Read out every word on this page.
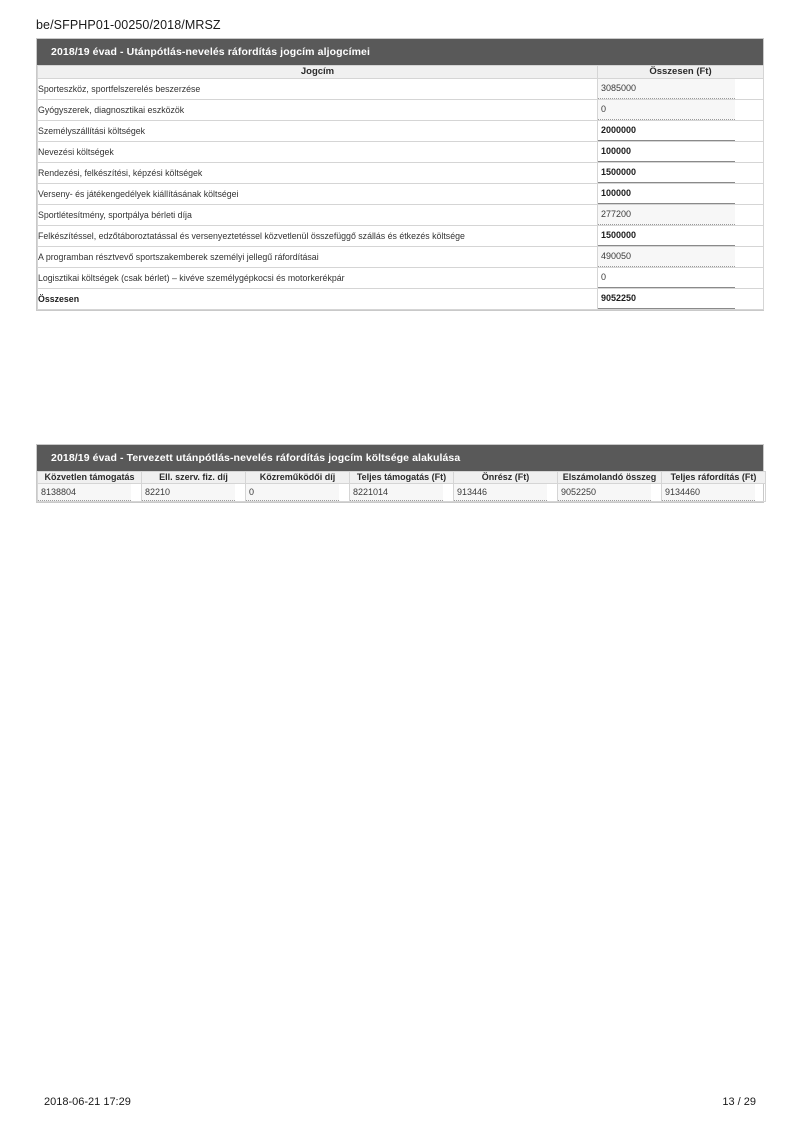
be/SFPHP01-00250/2018/MRSZ
2018/19 évad - Utánpótlás-nevelés ráfordítás jogcím aljogcímei
Jogcím	Összesen (Ft)
Sporteszköz, sportfelszerelés beszerzése	3085000

Gyógyszerek, diagnosztikai eszközök	0

Személyszállítási költségek	2000000

Nevezési költségek	100000

Rendezési, felkészítési, képzési költségek	1500000

Verseny- és játékengedélyek kiállításának költségei	100000

Sportlétesítmény, sportpálya bérleti díja	277200

Felkészítéssel, edzőtáboroztatással és versenyeztetéssel közvetlenül összefüggő szállás és étkezés költsége	1500000

A programban résztvevő sportszakemberek személyi jellegű ráfordításai	490050

Logisztikai költségek (csak bérlet) – kivéve személygépkocsi és motorkerékpár	0

Összesen	9052250
2018/19 évad - Tervezett utánpótlás-nevelés ráfordítás jogcím költsége alakulása
Közvetlen támogatás	Ell. szerv. fiz. díj	Közreműködői díj	Teljes támogatás (Ft)	Önrész (Ft)	Elszámolandó összeg	Teljes ráfordítás (Ft)

8138804	82210	0	8221014	913446	9052250	9134460
2018-06-21 17:29	13 / 29
